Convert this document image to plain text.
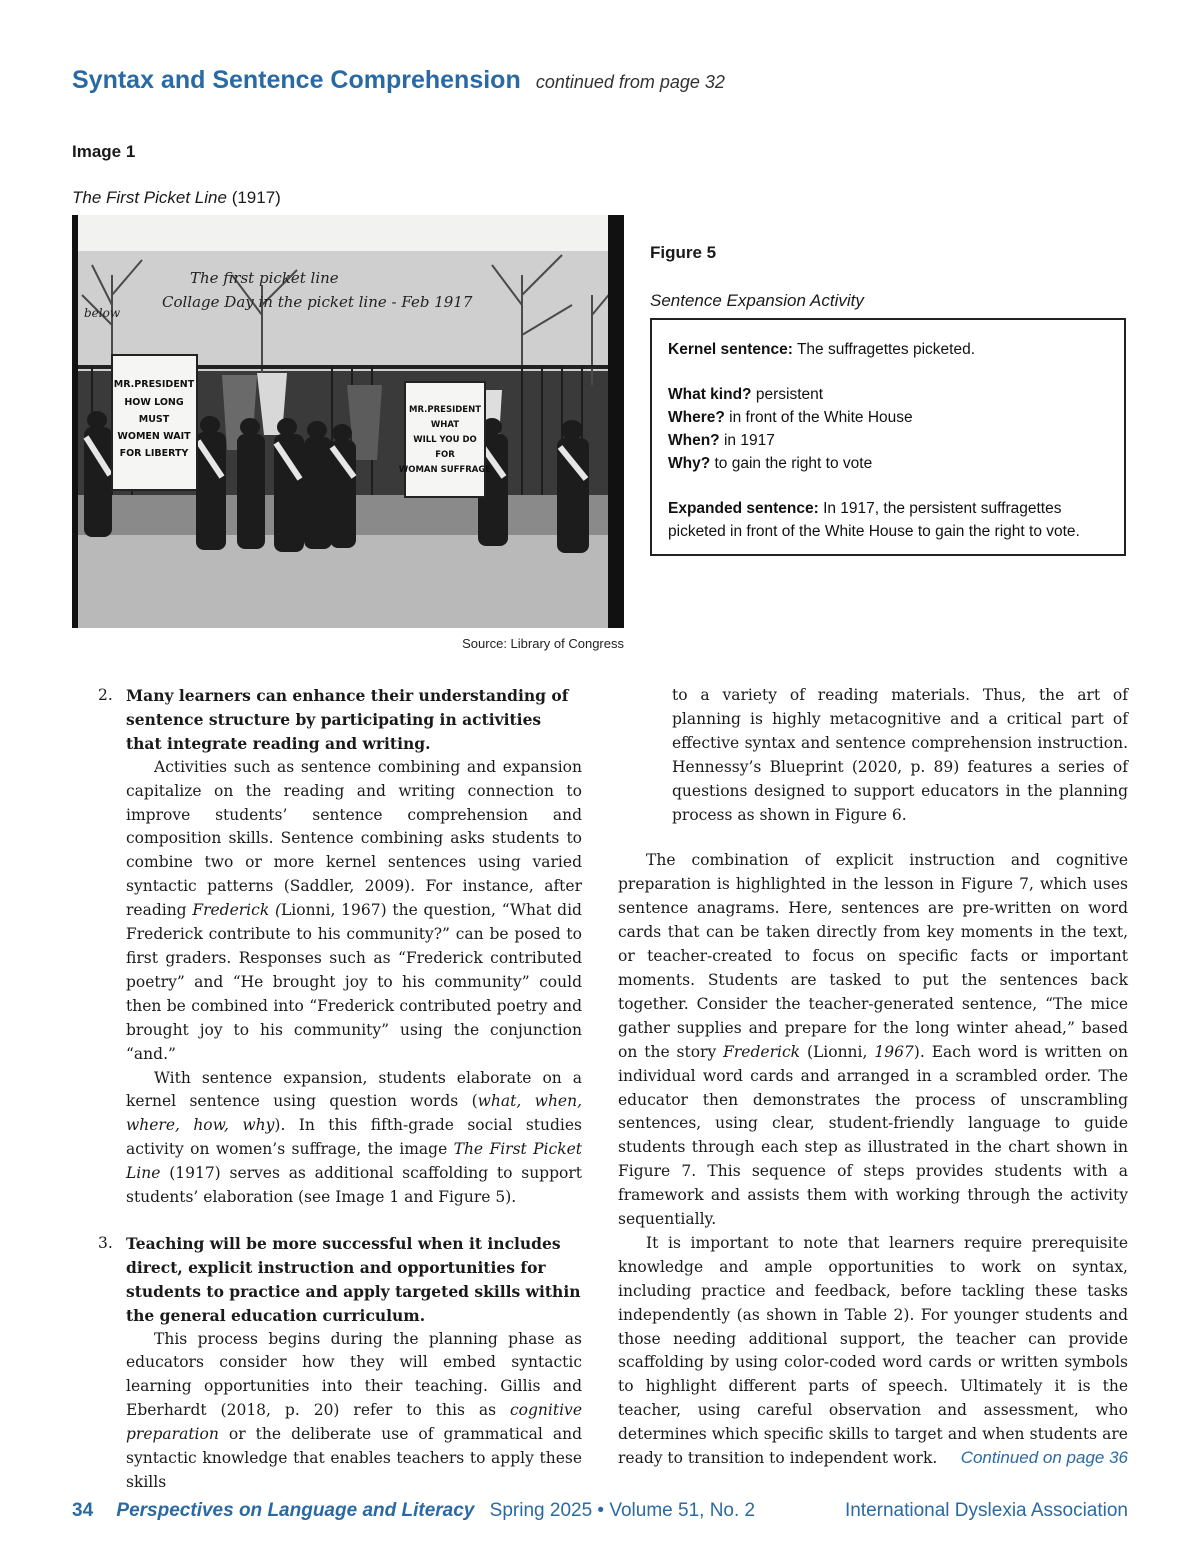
Syntax and Sentence Comprehension continued from page 32
Image 1
The First Picket Line (1917)
MR.PRESIDENT
HOW LONG
MUST
WOMEN WAIT
FOR LIBERTY
MR.PRESIDENT
WHAT
WILL YOU DO
FOR
WOMAN SUFFRAGE
The first picket line
Collage Day in the picket line - Feb 1917
below
Source: Library of Congress
Figure 5
Sentence Expansion Activity
Kernel sentence: The suffragettes picketed.
What kind? persistent
Where? in front of the White House
When? in 1917
Why? to gain the right to vote
Expanded sentence: In 1917, the persistent suffragettes picketed in front of the White House to gain the right to vote.
2. Many learners can enhance their understanding of sentence structure by participating in activities that integrate reading and writing.

Activities such as sentence combining and expansion capitalize on the reading and writing connection to improve students’ sentence comprehension and composition skills. Sentence combining asks students to combine two or more kernel sentences using varied syntactic patterns (Saddler, 2009). For instance, after reading Frederick (Lionni, 1967) the question, “What did Frederick contribute to his community?” can be posed to first graders. Responses such as “Frederick contributed poetry” and “He brought joy to his community” could then be combined into “Frederick contributed poetry and brought joy to his community” using the conjunction “and.”

With sentence expansion, students elaborate on a kernel sentence using question words (what, when, where, how, why). In this fifth-grade social studies activity on women’s suffrage, the image The First Picket Line (1917) serves as additional scaffolding to support students’ elaboration (see Image 1 and Figure 5).

3. Teaching will be more successful when it includes direct, explicit instruction and opportunities for students to practice and apply targeted skills within the general education curriculum.

This process begins during the planning phase as educators consider how they will embed syntactic learning opportunities into their teaching. Gillis and Eberhardt (2018, p. 20) refer to this as cognitive preparation or the deliberate use of grammatical and syntactic knowledge that enables teachers to apply these skills

to a variety of reading materials. Thus, the art of planning is highly metacognitive and a critical part of effective syntax and sentence comprehension instruction. Hennessy’s Blueprint (2020, p. 89) features a series of questions designed to support educators in the planning process as shown in Figure 6.

The combination of explicit instruction and cognitive preparation is highlighted in the lesson in Figure 7, which uses sentence anagrams. Here, sentences are pre-written on word cards that can be taken directly from key moments in the text, or teacher-created to focus on specific facts or important moments. Students are tasked to put the sentences back together. Consider the teacher-generated sentence, “The mice gather supplies and prepare for the long winter ahead,” based on the story Frederick (Lionni, 1967). Each word is written on individual word cards and arranged in a scrambled order. The educator then demonstrates the process of unscrambling sentences, using clear, student-friendly language to guide students through each step as illustrated in the chart shown in Figure 7. This sequence of steps provides students with a framework and assists them with working through the activity sequentially.

It is important to note that learners require prerequisite knowledge and ample opportunities to work on syntax, including practice and feedback, before tackling these tasks independently (as shown in Table 2). For younger students and those needing additional support, the teacher can provide scaffolding by using color-coded word cards or written symbols to highlight different parts of speech. Ultimately it is the teacher, using careful observation and assessment, who determines which specific skills to target and when students are ready to transition to independent work.	Continued on page 36
34 Perspectives on Language and Literacy Spring 2025 • Volume 51, No. 2	International Dyslexia Association
